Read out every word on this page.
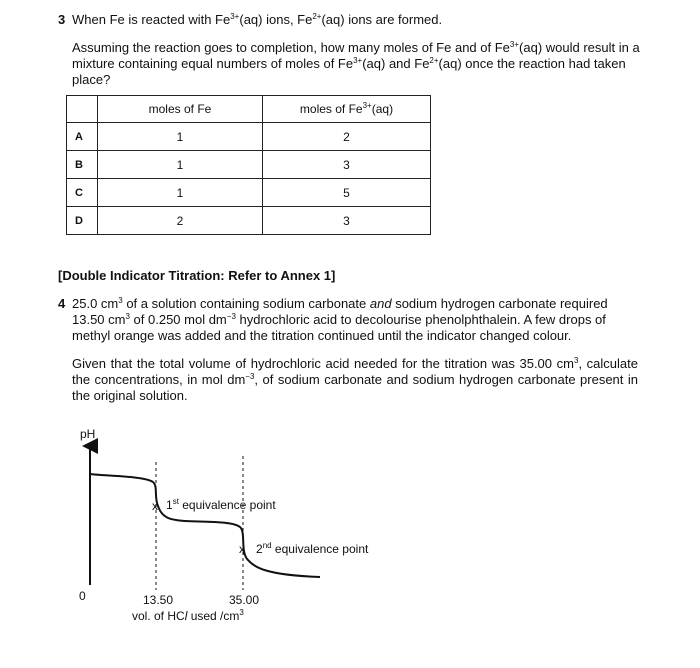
3 When Fe is reacted with $Fe^{3+}(aq)$ ions, $Fe^{2+}(aq)$ ions are formed.
Assuming the reaction goes to completion, how many moles of Fe and of $Fe^{3+}(aq)$ would result in a mixture containing equal numbers of moles of $Fe^{3+}(aq)$ and $Fe^{2+}(aq)$ once the reaction had taken place?
	moles of Fe	moles of $Fe^{3+}(aq)$
A	1	2
B	1	3
C	1	5
D	2	3
[Double Indicator Titration: Refer to Annex 1]
4 25.0 $cm^3$ of a solution containing sodium carbonate and sodium hydrogen carbonate required 13.50 $cm^3$ of 0.250 mol $dm^{-3}$ hydrochloric acid to decolourise phenolphthalein. A few drops of methyl orange was added and the titration continued until the indicator changed colour.
Given that the total volume of hydrochloric acid needed for the titration was 35.00 $cm^3$, calculate the concentrations, in mol $dm^{-3}$, of sodium carbonate and sodium hydrogen carbonate present in the original solution.
pH
0
x
x
1st equivalence point
2nd equivalence point
13.50	35.00
vol. of HCl used $/cm^3$
